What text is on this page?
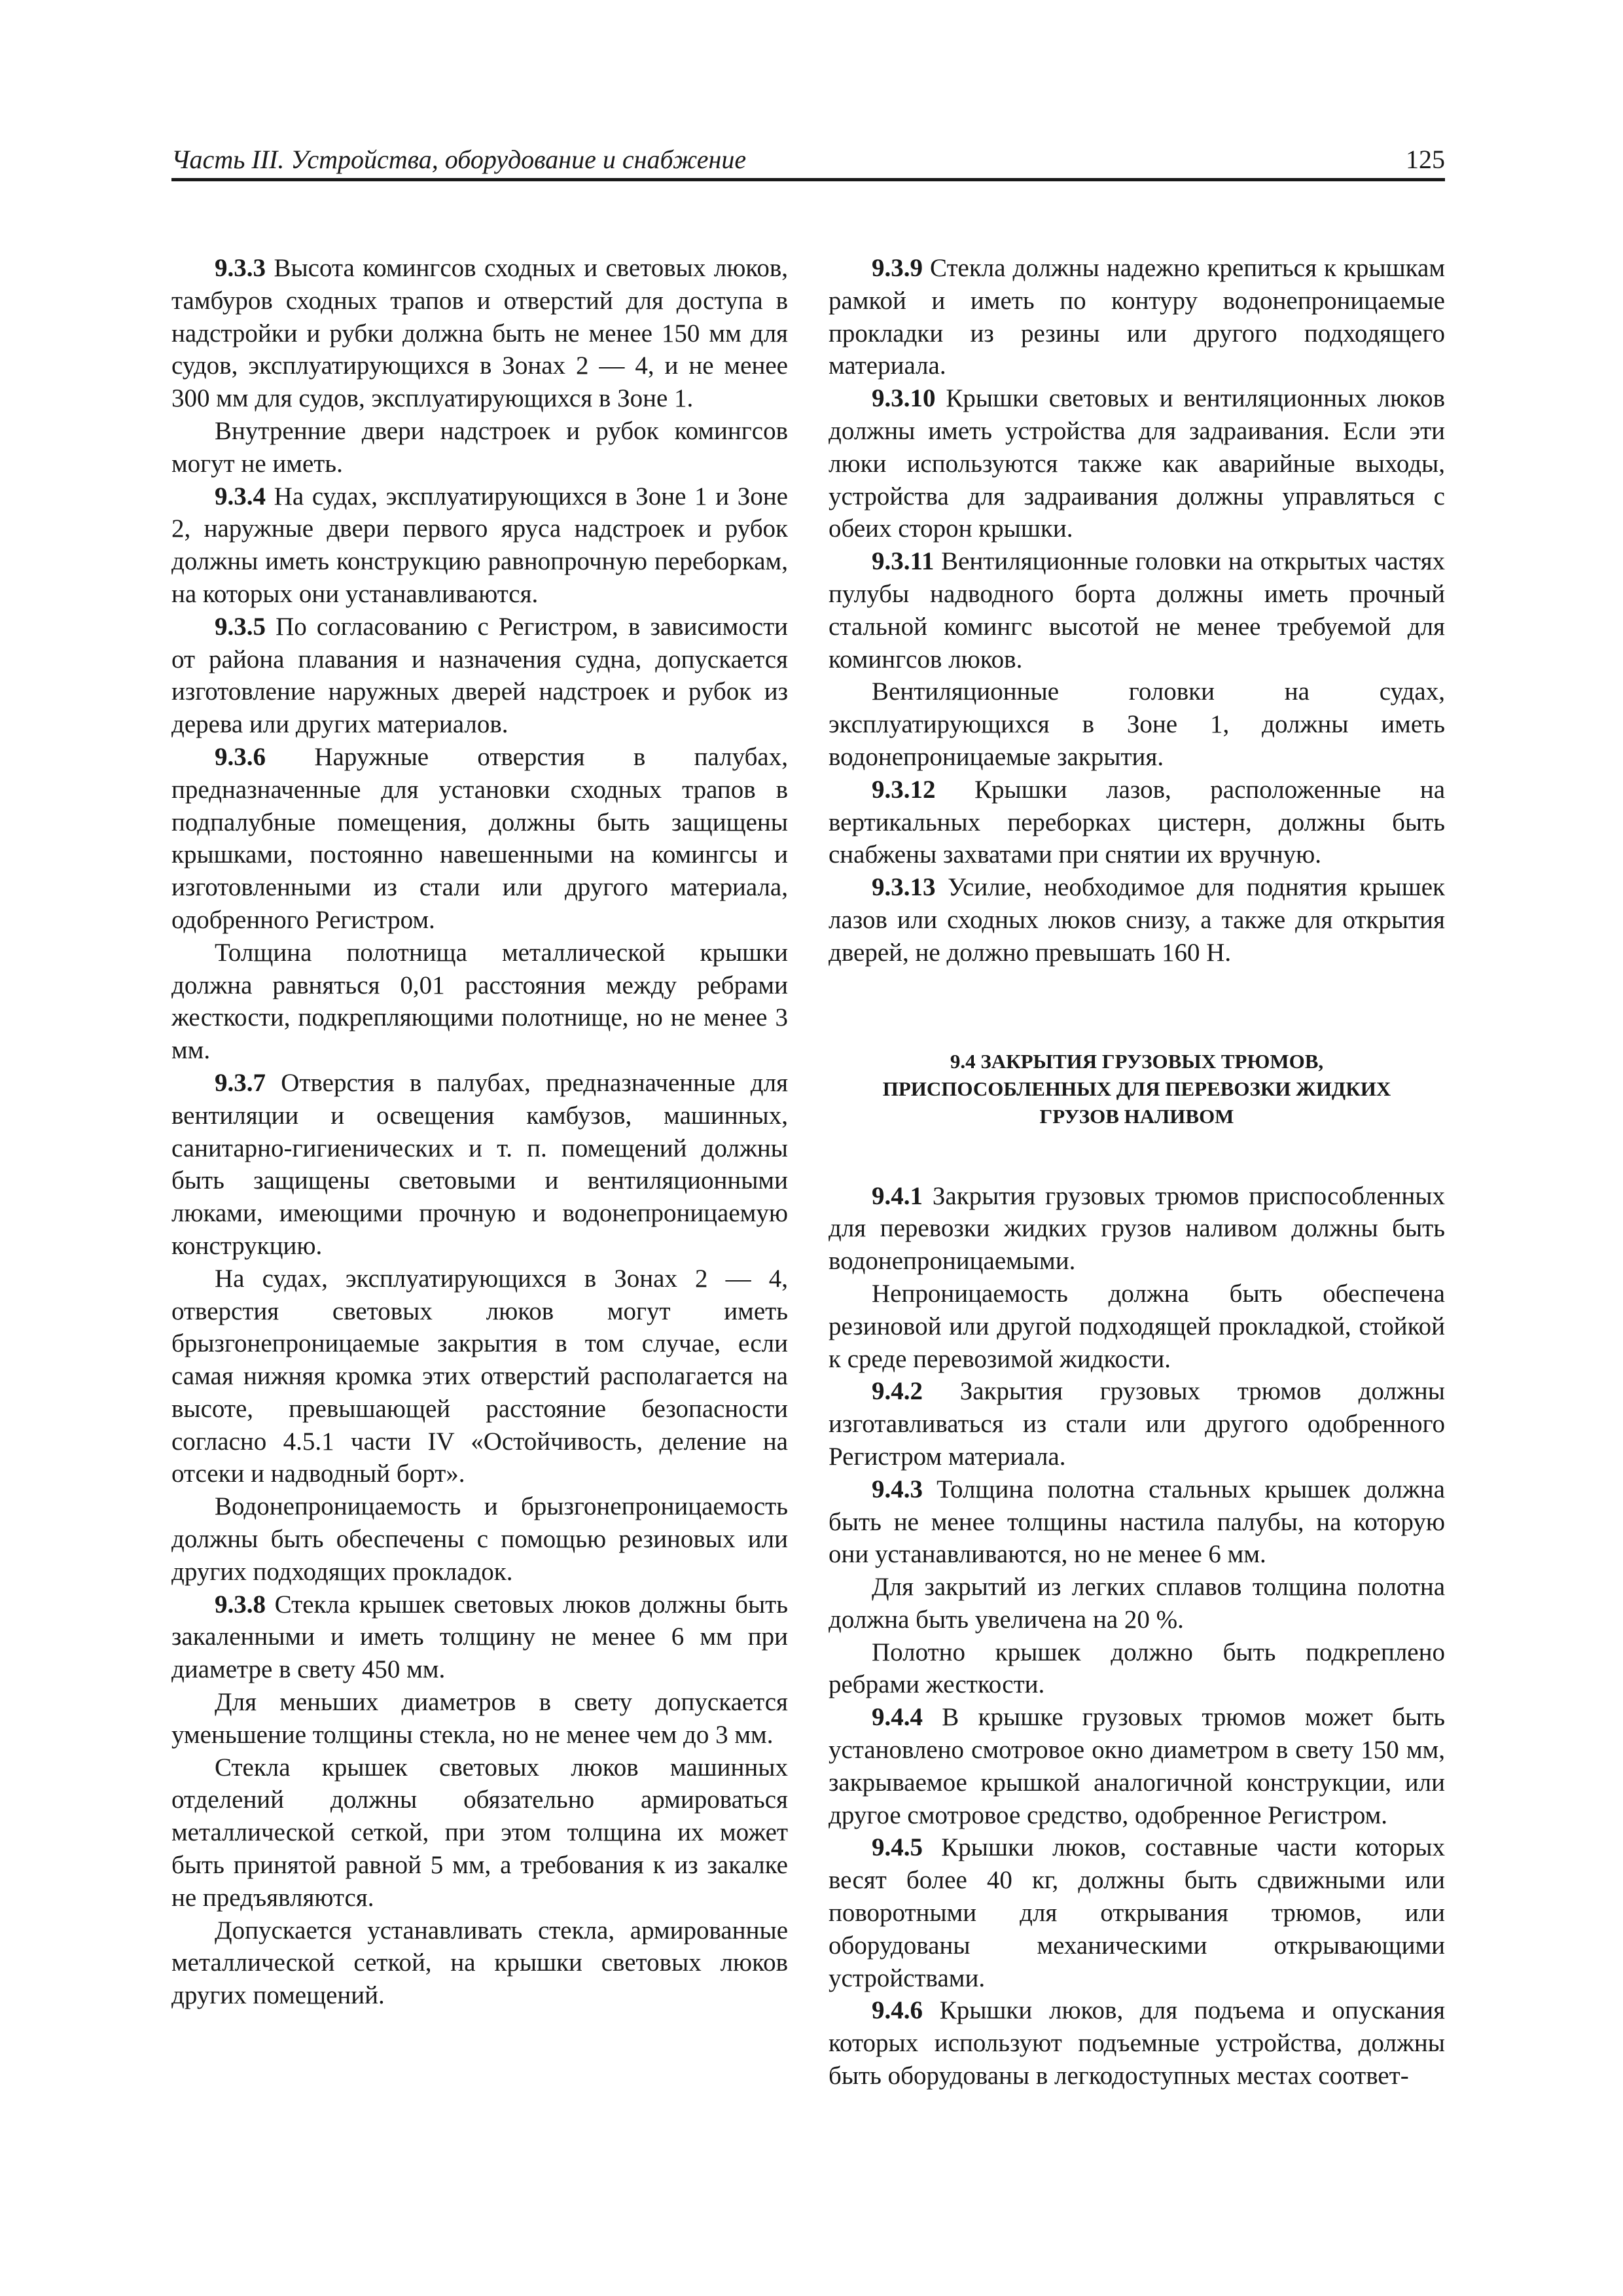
Часть III. Устройства, оборудование и снабжение	125

9.3.3 Высота комингсов сходных и световых люков, тамбуров сходных трапов и отверстий для доступа в надстройки и рубки должна быть не менее 150 мм для судов, эксплуатирующихся в Зонах 2 — 4, и не менее 300 мм для судов, эксплуатирующихся в Зоне 1.

Внутренние двери надстроек и рубок комингсов могут не иметь.

9.3.4 На судах, эксплуатирующихся в Зоне 1 и Зоне 2, наружные двери первого яруса надстроек и рубок должны иметь конструкцию равнопрочную переборкам, на которых они устанавливаются.

9.3.5 По согласованию с Регистром, в зависимости от района плавания и назначения судна, допускается изготовление наружных дверей надстроек и рубок из дерева или других материалов.

9.3.6 Наружные отверстия в палубах, предназначенные для установки сходных трапов в подпалубные помещения, должны быть защищены крышками, постоянно навешенными на комингсы и изготовленными из стали или другого материала, одобренного Регистром.

Толщина полотнища металлической крышки должна равняться 0,01 расстояния между ребрами жесткости, подкрепляющими полотнище, но не менее 3 мм.

9.3.7 Отверстия в палубах, предназначенные для вентиляции и освещения камбузов, машинных, санитарно-гигиенических и т. п. помещений должны быть защищены световыми и вентиляционными люками, имеющими прочную и водонепроницаемую конструкцию.

На судах, эксплуатирующихся в Зонах 2 — 4, отверстия световых люков могут иметь брызгонепроницаемые закрытия в том случае, если самая нижняя кромка этих отверстий располагается на высоте, превышающей расстояние безопасности согласно 4.5.1 части IV «Остойчивость, деление на отсеки и надводный борт».

Водонепроницаемость и брызгонепроницаемость должны быть обеспечены с помощью резиновых или других подходящих прокладок.

9.3.8 Стекла крышек световых люков должны быть закаленными и иметь толщину не менее 6 мм при диаметре в свету 450 мм.

Для меньших диаметров в свету допускается уменьшение толщины стекла, но не менее чем до 3 мм.

Стекла крышек световых люков машинных отделений должны обязательно армироваться металлической сеткой, при этом толщина их может быть принятой равной 5 мм, а требования к из закалке не предъявляются.

Допускается устанавливать стекла, армированные металлической сеткой, на крышки световых люков других помещений.

9.3.9 Стекла должны надежно крепиться к крышкам рамкой и иметь по контуру водонепроницаемые прокладки из резины или другого подходящего материала.

9.3.10 Крышки световых и вентиляционных люков должны иметь устройства для задраивания. Если эти люки используются также как аварийные выходы, устройства для задраивания должны управляться с обеих сторон крышки.

9.3.11 Вентиляционные головки на открытых частях пулубы надводного борта должны иметь прочный стальной комингс высотой не менее требуемой для комингсов люков.

Вентиляционные головки на судах, эксплуатирующихся в Зоне 1, должны иметь водонепроницаемые закрытия.

9.3.12 Крышки лазов, расположенные на вертикальных переборках цистерн, должны быть снабжены захватами при снятии их вручную.

9.3.13 Усилие, необходимое для поднятия крышек лазов или сходных люков снизу, а также для открытия дверей, не должно превышать 160 Н.

9.4 ЗАКРЫТИЯ ГРУЗОВЫХ ТРЮМОВ,
ПРИСПОСОБЛЕННЫХ ДЛЯ ПЕРЕВОЗКИ ЖИДКИХ
ГРУЗОВ НАЛИВОМ

9.4.1 Закрытия грузовых трюмов приспособленных для перевозки жидких грузов наливом должны быть водонепроницаемыми.

Непроницаемость должна быть обеспечена резиновой или другой подходящей прокладкой, стойкой к среде перевозимой жидкости.

9.4.2 Закрытия грузовых трюмов должны изготавливаться из стали или другого одобренного Регистром материала.

9.4.3 Толщина полотна стальных крышек должна быть не менее толщины настила палубы, на которую они устанавливаются, но не менее 6 мм.

Для закрытий из легких сплавов толщина полотна должна быть увеличена на 20 %.

Полотно крышек должно быть подкреплено ребрами жесткости.

9.4.4 В крышке грузовых трюмов может быть установлено смотровое окно диаметром в свету 150 мм, закрываемое крышкой аналогичной конструкции, или другое смотровое средство, одобренное Регистром.

9.4.5 Крышки люков, составные части которых весят более 40 кг, должны быть сдвижными или поворотными для открывания трюмов, или оборудованы механическими открывающими устройствами.

9.4.6 Крышки люков, для подъема и опускания которых используют подъемные устройства, должны быть оборудованы в легкодоступных местах соответ-
